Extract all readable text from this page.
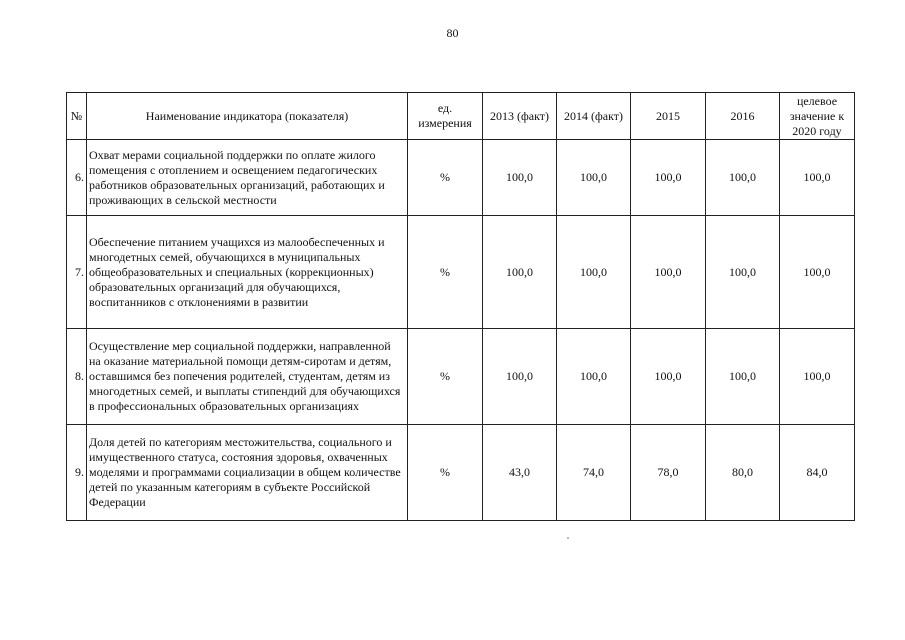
80
№	Наименование индикатора (показателя)	ед. измерения	2013 (факт)	2014 (факт)	2015	2016	целевое значение к 2020 году
6.	Охват мерами социальной поддержки по оплате жилого помещения с отоплением и освещением педагогических работников образовательных организаций, работающих и проживающих в сельской местности	%	100,0	100,0	100,0	100,0	100,0
7.	Обеспечение питанием учащихся из малообеспеченных и многодетных семей, обучающихся в муниципальных общеобразовательных и специальных (коррекционных) образовательных организаций для обучающихся, воспитанников с отклонениями в развитии	%	100,0	100,0	100,0	100,0	100,0
8.	Осуществление мер социальной поддержки, направленной на оказание материальной помощи детям-сиротам и детям, оставшимся без попечения родителей, студентам, детям из многодетных семей, и выплаты стипендий для обучающихся в профессиональных образовательных организациях	%	100,0	100,0	100,0	100,0	100,0
9.	Доля детей по категориям местожительства, социального и имущественного статуса, состояния здоровья, охваченных моделями и программами социализации в общем количестве детей по указанным категориям в субъекте Российской Федерации	%	43,0	74,0	78,0	80,0	84,0
